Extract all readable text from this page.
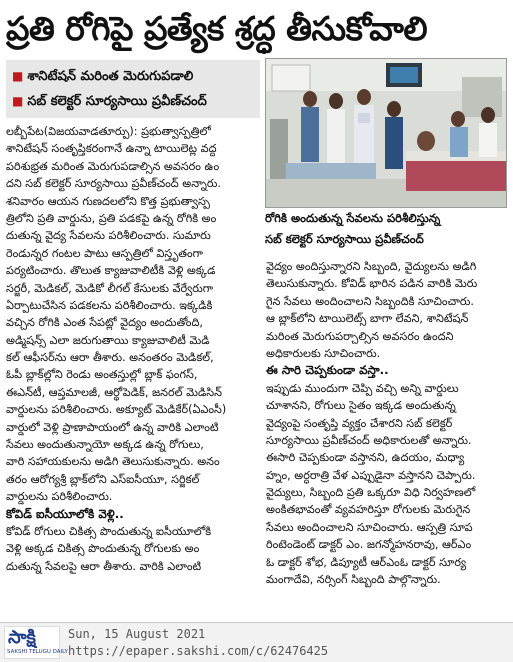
ప్రతి రోగిపై ప్రత్యేక శ్రద్ధ తీసుకోవాలి
■ శానిటేషన్ మరింత మెరుగుపడాలి
■ సబ్ కలెక్టర్ సూర్యసాయి ప్రవీణ్‌చంద్
రోగికి అందుతున్న సేవలను పరిశీలిస్తున్న
సబ్ కలెక్టర్ సూర్యసాయి ప్రవీణ్‌చంద్
లబ్బీపేట(విజయవాడతూర్పు): ప్రభుత్వాస్పత్రిలో
శానిటేషన్ సంతృప్తికరంగానే ఉన్నా టాయిలెట్ల వద్ద
పరిశుభ్రత మరింత మెరుగుపడాల్సిన అవసరం ఉం
దని సబ్ కలెక్టర్ సూర్యసాయి ప్రవీణ్‌చంద్ అన్నారు.
శనివారం ఆయన గుణదలలోని కొత్త ప్రభుత్వాస్ప
త్రిలోని ప్రతి వార్డును, ప్రతి పడకపై ఉన్న రోగికి అం
దుతున్న వైద్య సేవలను పరిశీలించారు. సుమారు
రెండున్నర గంటల పాటు ఆస్పత్రిలో విస్తృతంగా
పర్యటించారు. తొలుత క్యాజువాలిటీకి వెళ్లి అక్కడ
సర్జరీ, మెడికల్, మెడికో లీగల్ కేసులకు వేర్వేరుగా
ఏర్పాటుచేసిన పడకలను పరిశీలించారు. ఇక్కడికి
వచ్చిన రోగికి ఎంత సేపట్లో వైద్యం అందుతోంది,
అడ్మిషన్స్ ఎలా జరుగుతాయి క్యాజువాలిటీ మెడి
కల్ ఆఫీసర్‌ను ఆరా తీశారు. అనంతరం మెడికల్,
ఓపీ బ్లాక్‌ల్లోని రెండు అంతస్తుల్లో బ్లాక్ ఫంగస్,
ఈఎన్‌టీ, ఆప్తమాలజీ, ఆర్థోపెడిక్, జనరల్ మెడిసిన్
వార్డులను పరిశీలించారు. అక్యూట్ మెడికేర్(ఏఎంసీ)
వార్డులో వెళ్లి ప్రాణాపాయంలో ఉన్న వారికి ఎలాంటి
సేవలు అందుతున్నాయో అక్కడ ఉన్న రోగులు,
వారి సహాయకులను అడిగి తెలుసుకున్నారు. అనం
తరం ఆరోగ్యశ్రీ బ్లాక్‌లోని ఎస్ఐసీయూ, సర్జికల్
వార్డులను పరిశీలించారు.
కోవిడ్ ఐసీయూలోకి వెళ్లి..
కోవిడ్ రోగులు చికిత్స పొందుతున్న ఐసీయూలోకి
వెళ్లి అక్కడ చికిత్స పొందుతున్న రోగులకు అం
దుతున్న సేవలపై ఆరా తీశారు. వారికి ఎలాంటి
వైద్యం అందిస్తున్నారని సిబ్బంది, వైద్యులను అడిగి
తెలుసుకున్నారు. కోవిడ్ భారిన పడిన వారికి మెరు
గైన సేవలు అందించాలని సిబ్బందికి సూచించారు.
ఆ బ్లాక్‌లోని టాయిలెట్స్ బాగా లేవని, శానిటేషన్
మరింత మెరుగుపర్చాల్సిన అవసరం ఉందని
అధికారులకు సూచించారు.
ఈ సారి చెప్పకుండా వస్తా..
ఇప్పుడు ముందుగా చెప్పి వచ్చి అన్ని వార్డులు
చూశానని, రోగులు సైతం ఇక్కడ అందుతున్న
వైద్యంపై సంతృప్తి వ్యక్తం చేశారని సబ్ కలెక్టర్
సూర్యసాయి ప్రవీణ్‌చంద్ అధికారులతో అన్నారు.
ఈసారి చెప్పకుండా వస్తానని, ఉదయం, మధ్యా
హ్నం, అర్ధరాత్రి వేళ ఎప్పుడైనా వస్తానని చెప్పారు.
వైద్యులు, సిబ్బంది ప్రతి ఒక్కరూ విధి నిర్వహణలో
అంకితభావంతో వ్యవహరిస్తూ రోగులకు మెరుగైన
సేవలు అందించాలని సూచించారు. ఆస్పత్రి సూప
రింటెండెంట్ డాక్టర్ ఎం. జగన్మోహనరావు, ఆర్ఎం
ఓ డాక్టర్ శోభ, డిప్యూటీ ఆర్ఎంఓ డాక్టర్ సూర్య
మంగాదేవి, నర్సింగ్ సిబ్బంది పాల్గొన్నారు.
సాక్షి
SAKSHI TELUGU DAILY
Sun, 15 August 2021
https://epaper.sakshi.com/c/62476425
